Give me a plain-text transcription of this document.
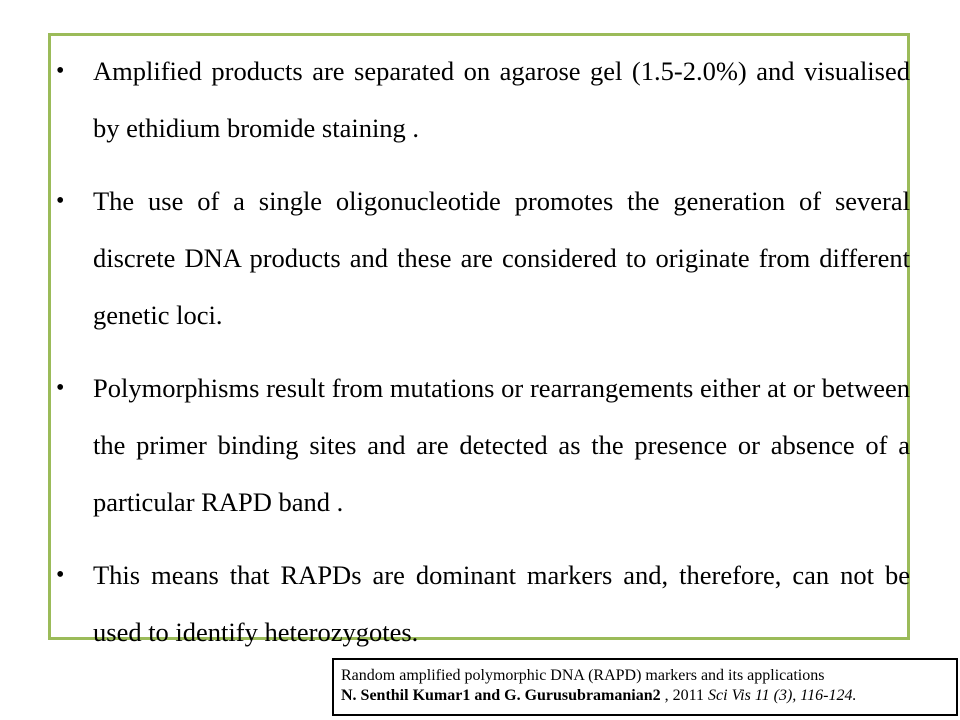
• Amplified products are separated on agarose gel (1.5-2.0%) and visualised by ethidium bromide staining .
• The use of a single oligonucleotide promotes the generation of several discrete DNA products and these are considered to originate from different genetic loci.
• Polymorphisms result from mutations or rearrangements either at or between the primer binding sites and are detected as the presence or absence of a particular RAPD band .
• This means that RAPDs are dominant markers and, therefore, can not be used to identify heterozygotes.
Random amplified polymorphic DNA (RAPD) markers and its applications
N. Senthil Kumar1 and G. Gurusubramanian2 , 2011 Sci Vis 11 (3), 116-124.
